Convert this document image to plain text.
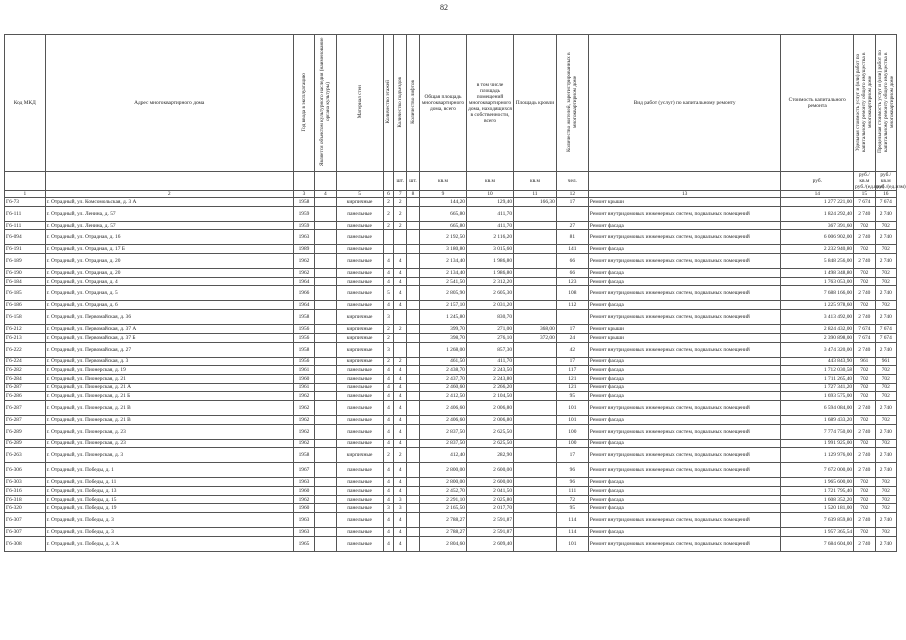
82
Код МКД	Адрес многоквартирного дома	Год ввода в эксплуатацию	Является объектом культурного наследия (наименование органа культуры)	Материал стен	Количество этажей	Количество подъездов	Количество лифтов	Общая площадь многоквартирного дома, всего	в том числе площадь помещений многоквартирного дома, находящихся в собственности, всего	Площадь кровли	Количество жителей, зарегистрированных в многоквартирном доме	Вид работ (услуг) по капитальному ремонту	Стоимость капитального ремонта	Удельная стоимость услуг и (или) работ по капитальному ремонту общего имущества в многоквартирном доме	Предельная стоимость услуг и (или) работ по капитальному ремонту общего имущества в многоквартирном доме
						шт.	шт.	кв.м	кв.м	кв.м	чел.		руб.	руб./кв.м руб./(ед.изм)	руб./кв.м руб./(ед.изм)
1	2	3	4	5	6	7	8	9	10	11	12	13	14	15	16
Г6-73	г. Отрадный, ул. Комсомольская, д. 3 А	1958		кирпичные	2	2		144,20	129,40	166,30	17	Ремонт крыши	1 277 221,00	7 674	7 674
Г6-111	г. Отрадный, ул. Ленина, д. 57	1959		панельные	2	2		665,80	411,70			Ремонт внутридомовых инженерных систем, подвальных помещений	1 824 292,40	2 740	2 740
Г6-111	г. Отрадный, ул. Ленина, д. 57	1959		панельные	2	2		665,80	411,70		27	Ремонт фасада	367 391,60	702	702
Г6-094	г. Отрадный, ул. Отрадная, д. 16	1963		панельные				2 192,50	2 116,20		81	Ремонт внутридомовых инженерных систем, подвальных помещений	6 006 902,00	2 740	2 740
Г6-191	г. Отрадный, ул. Отрадная, д. 17 Б	1989		панельные				3 180,80	3 015,60		141	Ремонт фасада	2 232 940,80	702	702
Г6-189	г. Отрадный, ул. Отрадная, д. 20	1962		панельные	4	4		2 134,40	1 986,80		66	Ремонт внутридомовых инженерных систем, подвальных помещений	5 848 256,00	2 740	2 740
Г6-190	г. Отрадный, ул. Отрадная, д. 20	1962		панельные	4	4		2 134,40	1 986,80		66	Ремонт фасада	1 498 348,80	702	702
Г6-184	г. Отрадный, ул. Отрадная, д. 4	1964		панельные	4	4		2 541,50	2 312,20		123	Ремонт фасада	1 763 053,00	702	702
Г6-185	г. Отрадный, ул. Отрадная, д. 5	1966		панельные	5	4		2 805,90	2 605,30		108	Ремонт внутридомовых инженерных систем, подвальных помещений	7 688 166,00	2 740	2 740
Г6-186	г. Отрадный, ул. Отрадная, д. 6	1964		панельные	4	4		2 157,10	2 031,20		112	Ремонт фасада	1 225 978,60	702	702
Г6-158	г. Отрадный, ул. Первомайская, д. 36	1958		кирпичные	3			1 245,80	830,70			Ремонт внутридомовых инженерных систем, подвальных помещений	3 413 492,00	2 740	2 740
Г6-212	г. Отрадный, ул. Первомайская, д. 37 А	1956		кирпичные	2	2		399,70	271,00	368,00	17	Ремонт крыши	2 824 432,00	7 674	7 674
Г6-213	г. Отрадный, ул. Первомайская, д. 37 Б	1956		кирпичные	2			398,70	276,10	372,00	24	Ремонт крыши	2 390 898,00	7 674	7 674
Г6-222	г. Отрадный, ул. Первомайская, д. 27	1958		кирпичные	3			1 268,00	857,30		42	Ремонт внутридомовых инженерных систем, подвальных помещений	3 474 320,00	2 740	2 740
Г6-224	г. Отрадный, ул. Первомайская, д. 3	1956		кирпичные	2	2		461,50	411,70		17	Ремонт фасада	443 843,90	961	961
Г6-282	г. Отрадный, ул. Пионерская, д. 19	1961		панельные	4	4		2 438,70	2 243,50		117	Ремонт фасада	1 712 030,58	702	702
Г6-284	г. Отрадный, ул. Пионерская, д. 21	1960		панельные	4	4		2 437,70	2 243,80		121	Ремонт фасада	1 711 265,40	702	702
Г6-287	г. Отрадный, ул. Пионерская, д. 21 А	1961		панельные	4	4		2 460,60	2 266,20		121	Ремонт фасада	1 727 341,20	702	702
Г6-286	г. Отрадный, ул. Пионерская, д. 21 Б	1962		панельные	4	4		2 412,50	2 104,50		95	Ремонт фасада	1 693 575,00	702	702
Г6-287	г. Отрадный, ул. Пионерская, д. 21 В	1962		панельные	4	4		2 406,60	2 006,80		101	Ремонт внутридомовых инженерных систем, подвальных помещений	6 594 084,00	2 740	2 740
Г6-287	г. Отрадный, ул. Пионерская, д. 21 В	1962		панельные	4	4		2 406,60	2 006,80		101	Ремонт фасада	1 689 433,20	702	702
Г6-289	г. Отрадный, ул. Пионерская, д. 23	1962		панельные	4	4		2 837,50	2 625,50		100	Ремонт внутридомовых инженерных систем, подвальных помещений	7 774 750,00	2 740	2 740
Г6-289	г. Отрадный, ул. Пионерская, д. 23	1962		панельные	4	4		2 837,50	2 625,50		100	Ремонт фасада	1 991 925,00	702	702
Г6-263	г. Отрадный, ул. Пионерская, д. 3	1958		кирпичные	2	2		412,40	282,90		17	Ремонт внутридомовых инженерных систем, подвальных помещений	1 129 976,00	2 740	2 740
Г6-306	г. Отрадный, ул. Победы, д. 1	1967		панельные	4	4		2 800,00	2 600,00		96	Ремонт внутридомовых инженерных систем, подвальных помещений	7 672 000,00	2 740	2 740
Г6-303	г. Отрадный, ул. Победы, д. 11	1963		панельные	4	4		2 800,00	2 600,00		96	Ремонт фасада	1 965 600,00	702	702
Г6-316	г. Отрадный, ул. Победы, д. 13	1960		панельные	4	4		2 452,70	2 041,50		111	Ремонт фасада	1 721 795,40	702	702
Г6-318	г. Отрадный, ул. Победы, д. 15	1962		панельные	4	3		2 291,10	2 025,80		72	Ремонт фасада	1 608 352,20	702	702
Г6-320	г. Отрадный, ул. Победы, д. 19	1960		панельные	3	3		2 165,50	2 017,70		95	Ремонт фасада	1 520 181,00	702	702
Г6-307	г. Отрадный, ул. Победы, д. 3	1963		панельные	4	4		2 788,27	2 591,87		114	Ремонт внутридомовых инженерных систем, подвальных помещений	7 639 859,80	2 740	2 740
Г6-307	г. Отрадный, ул. Победы, д. 3	1963		панельные	4	4		2 788,27	2 591,87		114	Ремонт фасада	1 957 365,54	702	702
Г6-308	г. Отрадный, ул. Победы, д. 3 А	1965		панельные	4	4		2 804,60	2 609,40		101	Ремонт внутридомовых инженерных систем, подвальных помещений	7 684 604,00	2 740	2 740
